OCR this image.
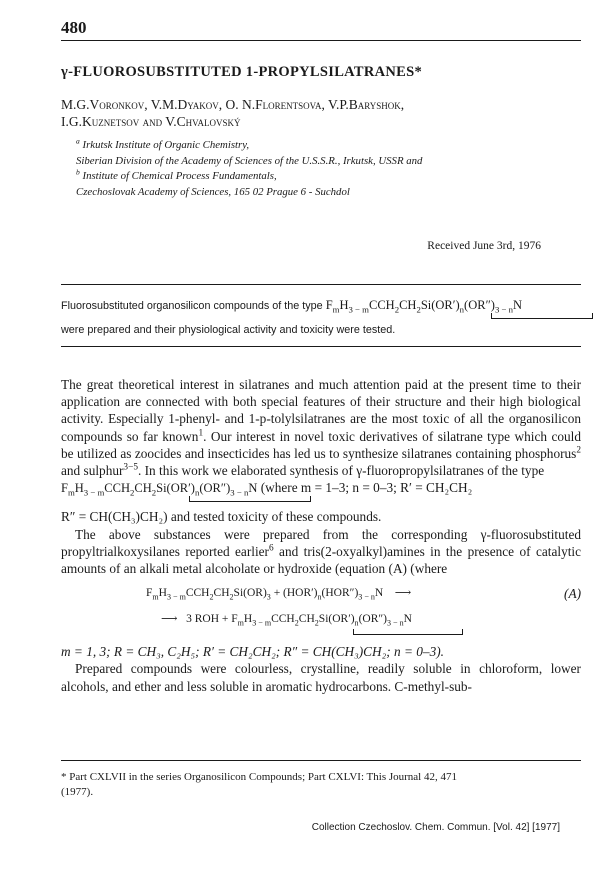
480
γ-FLUOROSUBSTITUTED 1-PROPYLSILATRANES*
M.G.Voronkov, V.M.Dyakov, O. N.Florentsova, V.P.Baryshok,
I.G.Kuznetsov and V.Chvalovský
$^a$ Irkutsk Institute of Organic Chemistry,
Siberian Division of the Academy of Sciences of the U.S.S.R., Irkutsk, USSR and
$^b$ Institute of Chemical Process Fundamentals,
Czechoslovak Academy of Sciences, 165 02 Prague 6 - Suchdol
Received June 3rd, 1976
Fluorosubstituted organosilicon compounds of the type $F_mH_{3 - m}CCH_2CH_2Si(OR')_n(OR'')_{3 - n}N$
were prepared and their physiological activity and toxicity were tested.

The great theoretical interest in silatranes and much attention paid at the present time to their application are connected with both special features of their structure and their high biological activity. Especially 1-phenyl- and 1-p-tolylsilatranes are the most toxic of all the organosilicon compounds so far known$^1$. Our interest in novel toxic derivatives of silatrane type which could be utilized as zoocides and insecticides has led us to synthesize silatranes containing phosphorus$^2$ and sulphur$^{3-5}$. In this work we elaborated synthesis of γ-fluoropropylsilatranes of the type

$F_mH_{3 - m}CCH_2CH_2Si(OR')_n(OR'')_{3 - n}N$ (where m = 1–3; n = 0–3; R′ = CH₂CH₂

R″ = CH(CH₃)CH₂) and tested toxicity of these compounds.

The above substances were prepared from the corresponding γ-fluorosubstituted propyltrialkoxysilanes reported earlier$^6$ and tris(2-oxyalkyl)amines in the presence of catalytic amounts of an alkali metal alcoholate or hydroxide (equation (A) (where

$F_mH_{3 - m}CCH_2CH_2Si(OR)_3 + (HOR')_n(HOR'')_{3 - n}N$    ⟶	(A)
⟶   3 ROH + $F_mH_{3 - m}CCH_2CH_2Si(OR')_n(OR'')_{3 - n}N$

m = 1, 3; R = CH₃, C₂H₅; R′ = CH₂CH₂; R″ = CH(CH₃)CH₂; n = 0–3).

Prepared compounds were colourless, crystalline, readily soluble in chloroform, lower alcohols, and ether and less soluble in aromatic hydrocarbons. C-methyl-sub-

* Part CXLVII in the series Organosilicon Compounds; Part CXLVI: This Journal 42, 471
(1977).
Collection Czechoslov. Chem. Commun. [Vol. 42] [1977]
